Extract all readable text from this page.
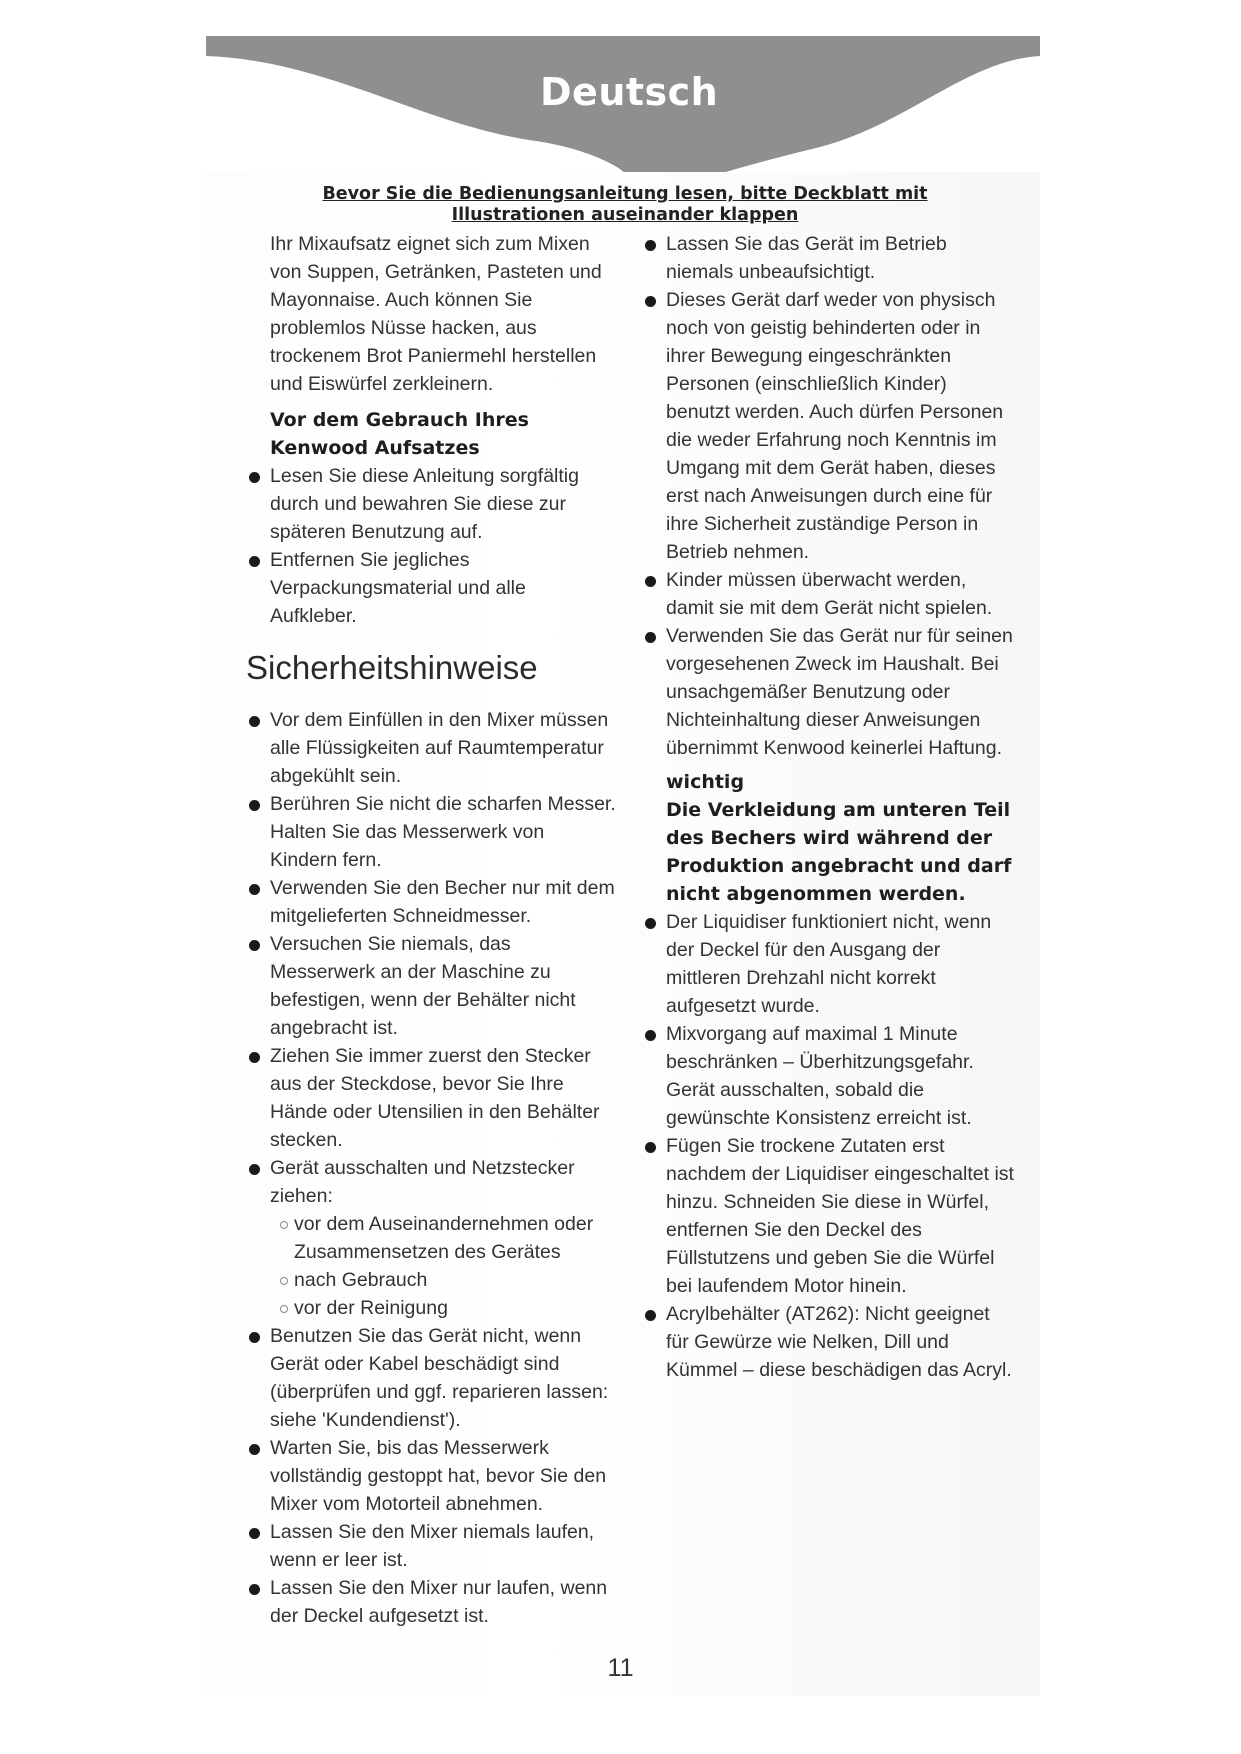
Deutsch
Bevor Sie die Bedienungsanleitung lesen, bitte Deckblatt mit Illustrationen auseinander klappen

Ihr Mixaufsatz eignet sich zum Mixen von Suppen, Getränken, Pasteten und Mayonnaise. Auch können Sie problemlos Nüsse hacken, aus trockenem Brot Paniermehl herstellen und Eiswürfel zerkleinern.

Vor dem Gebrauch Ihres Kenwood Aufsatzes
Lesen Sie diese Anleitung sorgfältig durch und bewahren Sie diese zur späteren Benutzung auf.
Entfernen Sie jegliches Verpackungsmaterial und alle Aufkleber.
Sicherheitshinweise
Vor dem Einfüllen in den Mixer müssen alle Flüssigkeiten auf Raumtemperatur abgekühlt sein.
Berühren Sie nicht die scharfen Messer. Halten Sie das Messerwerk von Kindern fern.
Verwenden Sie den Becher nur mit dem mitgelieferten Schneidmesser.
Versuchen Sie niemals, das Messerwerk an der Maschine zu befestigen, wenn der Behälter nicht angebracht ist.
Ziehen Sie immer zuerst den Stecker aus der Steckdose, bevor Sie Ihre Hände oder Utensilien in den Behälter stecken.
Gerät ausschalten und Netzstecker ziehen:
vor dem Auseinandernehmen oder Zusammensetzen des Gerätes
nach Gebrauch
vor der Reinigung
Benutzen Sie das Gerät nicht, wenn Gerät oder Kabel beschädigt sind (überprüfen und ggf. reparieren lassen: siehe 'Kundendienst').
Warten Sie, bis das Messerwerk vollständig gestoppt hat, bevor Sie den Mixer vom Motorteil abnehmen.
Lassen Sie den Mixer niemals laufen, wenn er leer ist.
Lassen Sie den Mixer nur laufen, wenn der Deckel aufgesetzt ist.
Lassen Sie das Gerät im Betrieb niemals unbeaufsichtigt.
Dieses Gerät darf weder von physisch noch von geistig behinderten oder in ihrer Bewegung eingeschränkten Personen (einschließlich Kinder) benutzt werden. Auch dürfen Personen die weder Erfahrung noch Kenntnis im Umgang mit dem Gerät haben, dieses erst nach Anweisungen durch eine für ihre Sicherheit zuständige Person in Betrieb nehmen.
Kinder müssen überwacht werden, damit sie mit dem Gerät nicht spielen.
Verwenden Sie das Gerät nur für seinen vorgesehenen Zweck im Haushalt. Bei unsachgemäßer Benutzung oder Nichteinhaltung dieser Anweisungen übernimmt Kenwood keinerlei Haftung.
wichtig
Die Verkleidung am unteren Teil des Bechers wird während der Produktion angebracht und darf nicht abgenommen werden.
Der Liquidiser funktioniert nicht, wenn der Deckel für den Ausgang der mittleren Drehzahl nicht korrekt aufgesetzt wurde.
Mixvorgang auf maximal 1 Minute beschränken – Überhitzungsgefahr. Gerät ausschalten, sobald die gewünschte Konsistenz erreicht ist.
Fügen Sie trockene Zutaten erst nachdem der Liquidiser eingeschaltet ist hinzu. Schneiden Sie diese in Würfel, entfernen Sie den Deckel des Füllstutzens und geben Sie die Würfel bei laufendem Motor hinein.
Acrylbehälter (AT262): Nicht geeignet für Gewürze wie Nelken, Dill und Kümmel – diese beschädigen das Acryl.
11
